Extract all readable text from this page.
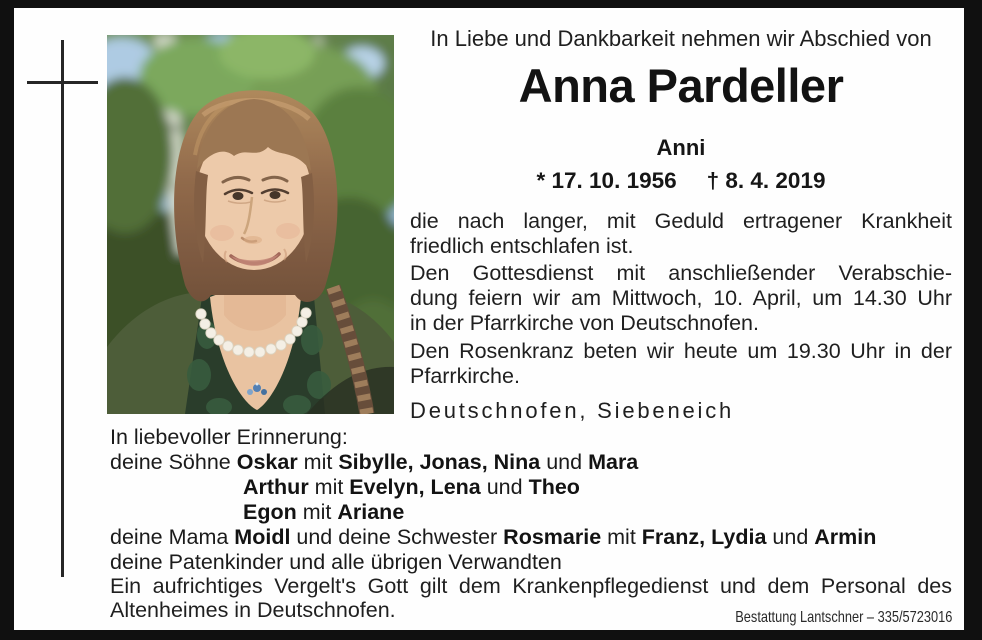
In Liebe und Dankbarkeit nehmen wir Abschied von
Anna Pardeller
Anni
* 17. 10. 1956 † 8. 4. 2019
die nach langer, mit Geduld ertragener Krankheit
friedlich entschlafen ist.
Den Gottesdienst mit anschließender Verabschie-
dung feiern wir am Mittwoch, 10. April, um 14.30 Uhr
in der Pfarrkirche von Deutschnofen.
Den Rosenkranz beten wir heute um 19.30 Uhr in der
Pfarrkirche.
Deutschnofen, Siebeneich
In liebevoller Erinnerung:
deine Söhne Oskar mit Sibylle, Jonas, Nina und Mara
Arthur mit Evelyn, Lena und Theo
Egon mit Ariane
deine Mama Moidl und deine Schwester Rosmarie mit Franz, Lydia und Armin
deine Patenkinder und alle übrigen Verwandten
Ein aufrichtiges Vergelt's Gott gilt dem Krankenpflegedienst und dem Personal des
Altenheimes in Deutschnofen.	Bestattung Lantschner – 335/5723016
